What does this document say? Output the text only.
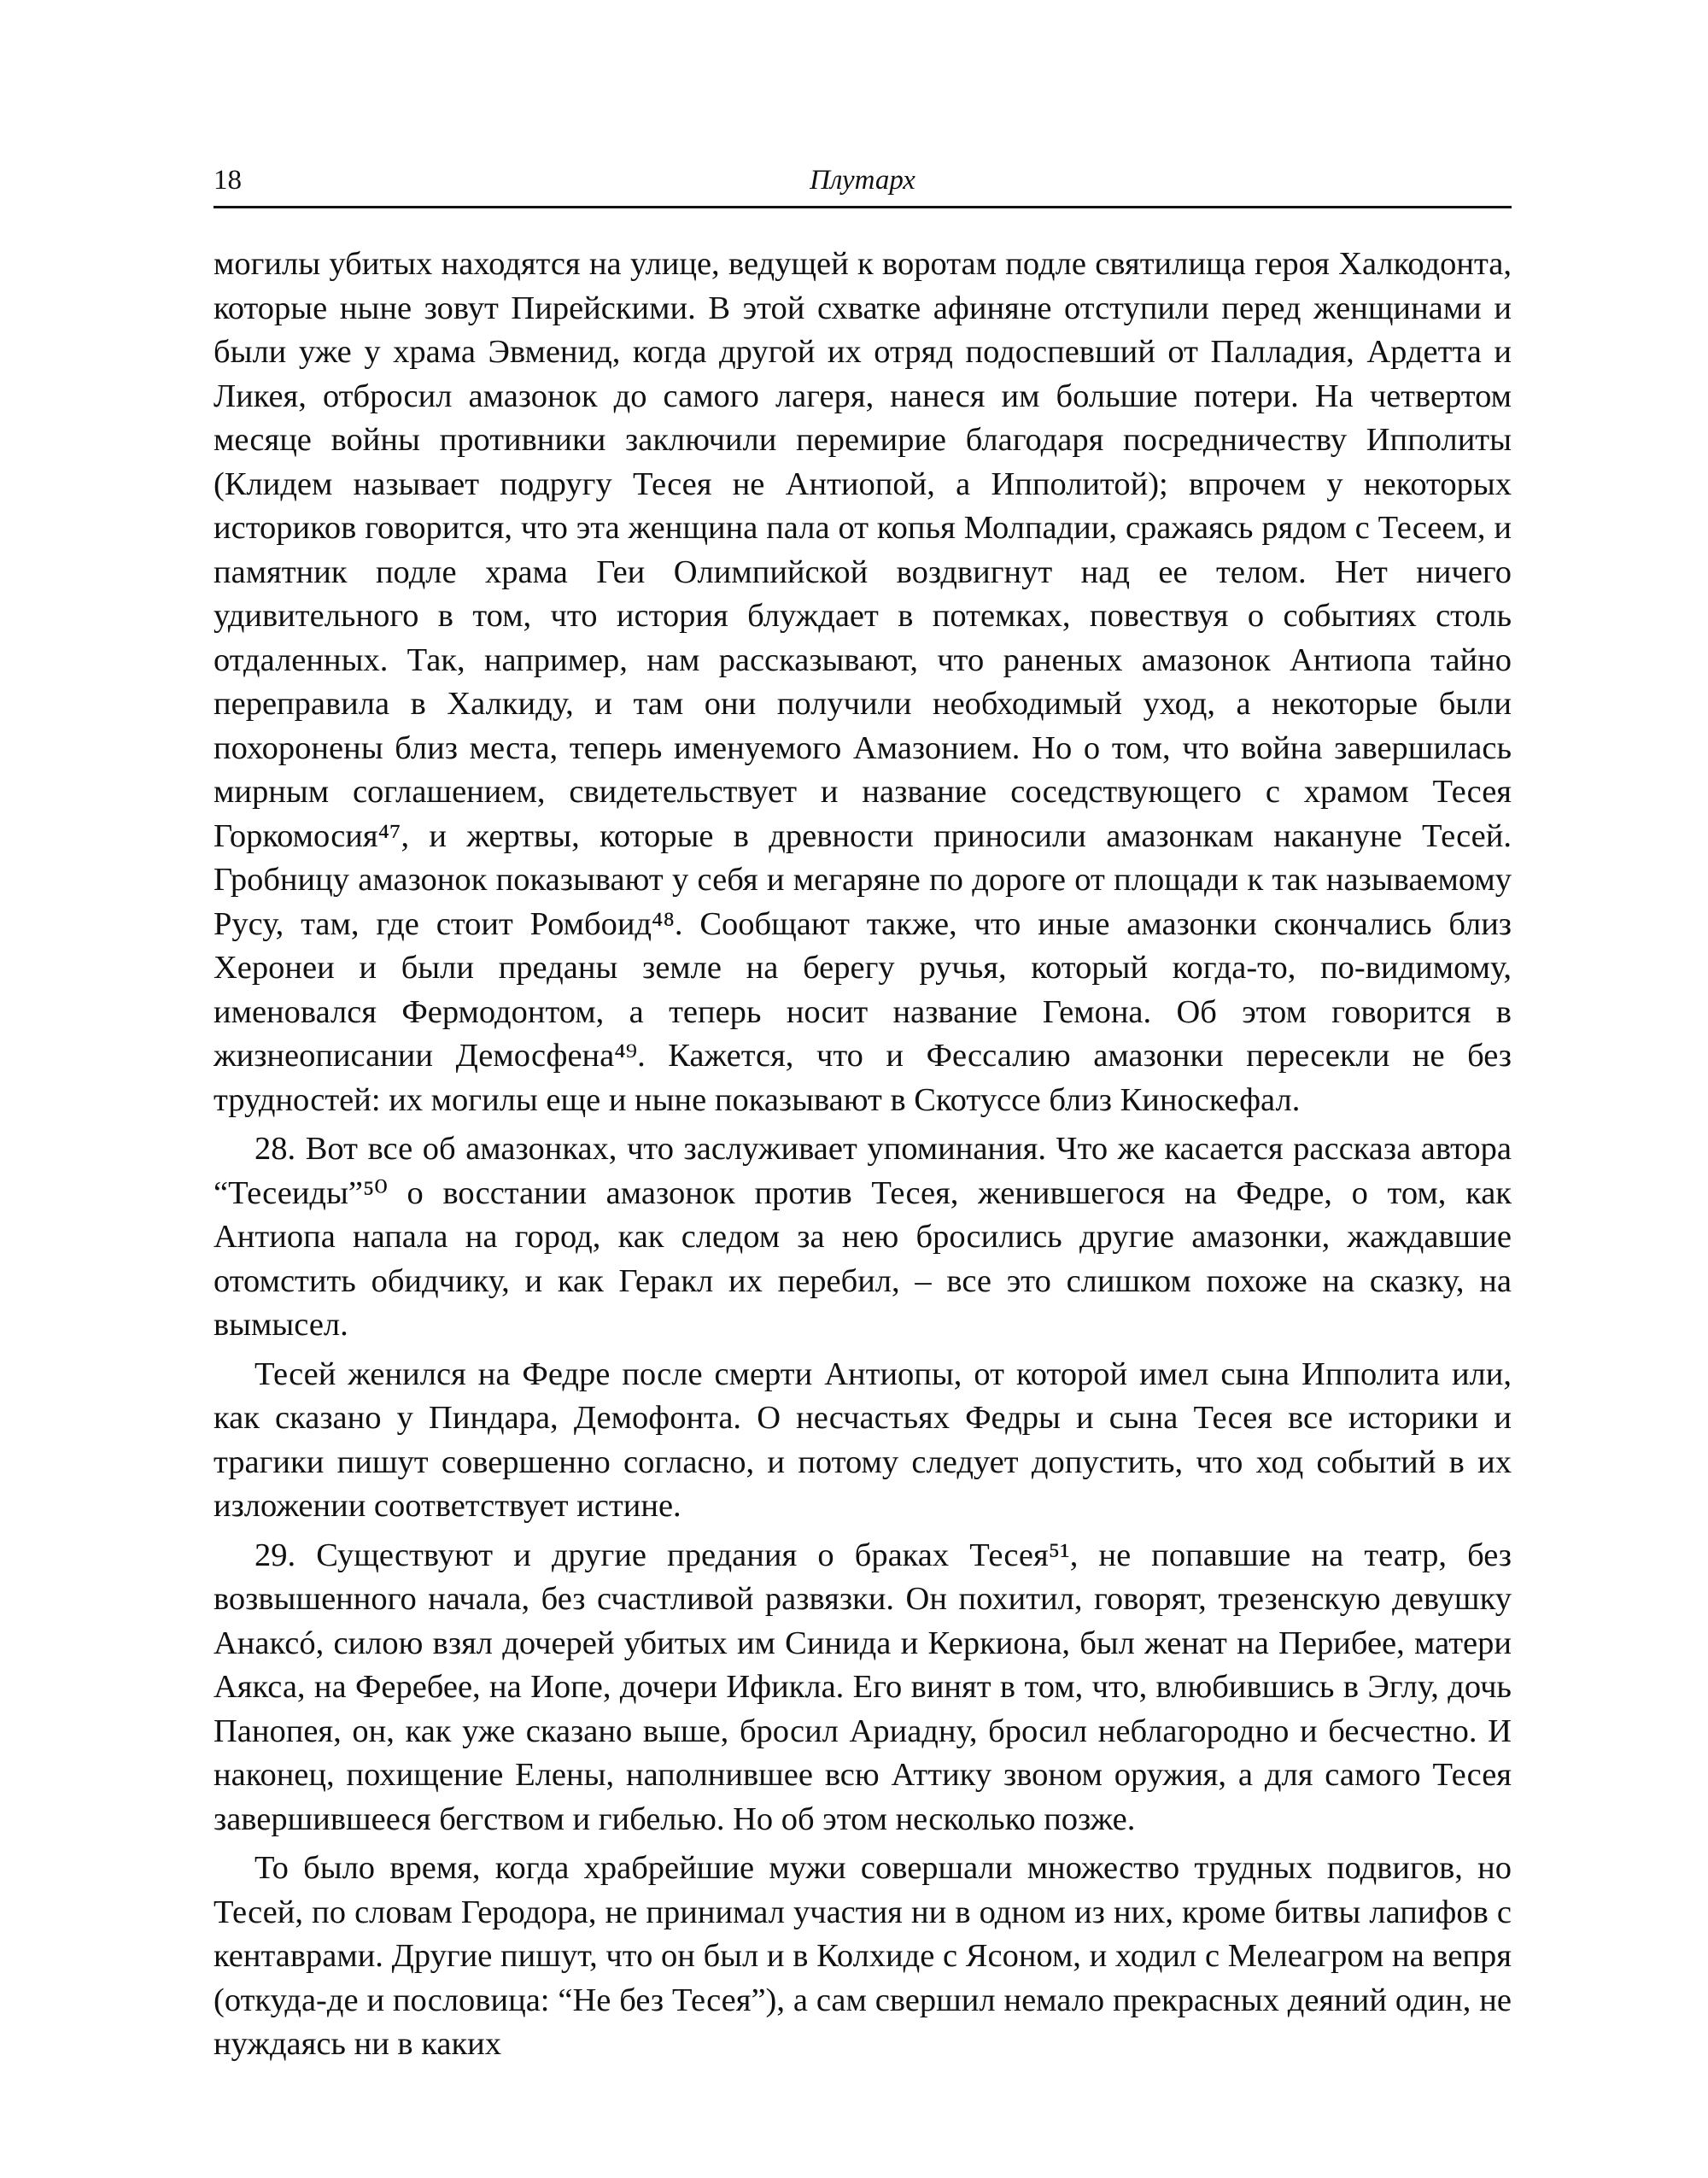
18	Плутарх

могилы убитых находятся на улице, ведущей к воротам подле святилища героя Халкодонта, которые ныне зовут Пирейскими. В этой схватке афиняне отступили перед женщинами и были уже у храма Эвменид, когда другой их отряд подоспевший от Палладия, Ардетта и Ликея, отбросил амазонок до самого лагеря, нанеся им большие потери. На четвертом месяце войны противники заключили перемирие благодаря посредничеству Ипполиты (Клидем называет подругу Тесея не Антиопой, а Ипполитой); впрочем у некоторых историков говорится, что эта женщина пала от копья Молпадии, сражаясь рядом с Тесеем, и памятник подле храма Геи Олимпийской воздвигнут над ее телом. Нет ничего удивительного в том, что история блуждает в потемках, повествуя о событиях столь отдаленных. Так, например, нам рассказывают, что раненых амазонок Антиопа тайно переправила в Халкиду, и там они получили необходимый уход, а некоторые были похоронены близ места, теперь именуемого Амазонием. Но о том, что война завершилась мирным соглашением, свидетельствует и название соседствующего с храмом Тесея Горкомосия⁴⁷, и жертвы, которые в древности приносили амазонкам накануне Тесей. Гробницу амазонок показывают у себя и мегаряне по дороге от площади к так называемому Русу, там, где стоит Ромбоид⁴⁸. Сообщают также, что иные амазонки скончались близ Херонеи и были преданы земле на берегу ручья, который когда-то, по-видимому, именовался Фермодонтом, а теперь носит название Гемона. Об этом говорится в жизнеописании Демосфена⁴⁹. Кажется, что и Фессалию амазонки пересекли не без трудностей: их могилы еще и ныне показывают в Скотуссе близ Киноскефал.

28. Вот все об амазонках, что заслуживает упоминания. Что же касается рассказа автора “Тесеиды”⁵⁰ о восстании амазонок против Тесея, женившегося на Федре, о том, как Антиопа напала на город, как следом за нею бросились другие амазонки, жаждавшие отомстить обидчику, и как Геракл их перебил, – все это слишком похоже на сказку, на вымысел.

Тесей женился на Федре после смерти Антиопы, от которой имел сына Ипполита или, как сказано у Пиндара, Демофонта. О несчастьях Федры и сына Тесея все историки и трагики пишут совершенно согласно, и потому следует допустить, что ход событий в их изложении соответствует истине.

29. Существуют и другие предания о браках Тесея⁵¹, не попавшие на театр, без возвышенного начала, без счастливой развязки. Он похитил, говорят, трезенскую девушку Анаксó, силою взял дочерей убитых им Синида и Керкиона, был женат на Перибее, матери Аякса, на Феребее, на Иопе, дочери Ификла. Его винят в том, что, влюбившись в Эглу, дочь Панопея, он, как уже сказано выше, бросил Ариадну, бросил неблагородно и бесчестно. И наконец, похищение Елены, наполнившее всю Аттику звоном оружия, а для самого Тесея завершившееся бегством и гибелью. Но об этом несколько позже.

То было время, когда храбрейшие мужи совершали множество трудных подвигов, но Тесей, по словам Геродора, не принимал участия ни в одном из них, кроме битвы лапифов с кентаврами. Другие пишут, что он был и в Колхиде с Ясоном, и ходил с Мелеагром на вепря (откуда-де и пословица: “Не без Тесея”), а сам свершил немало прекрасных деяний один, не нуждаясь ни в каких
